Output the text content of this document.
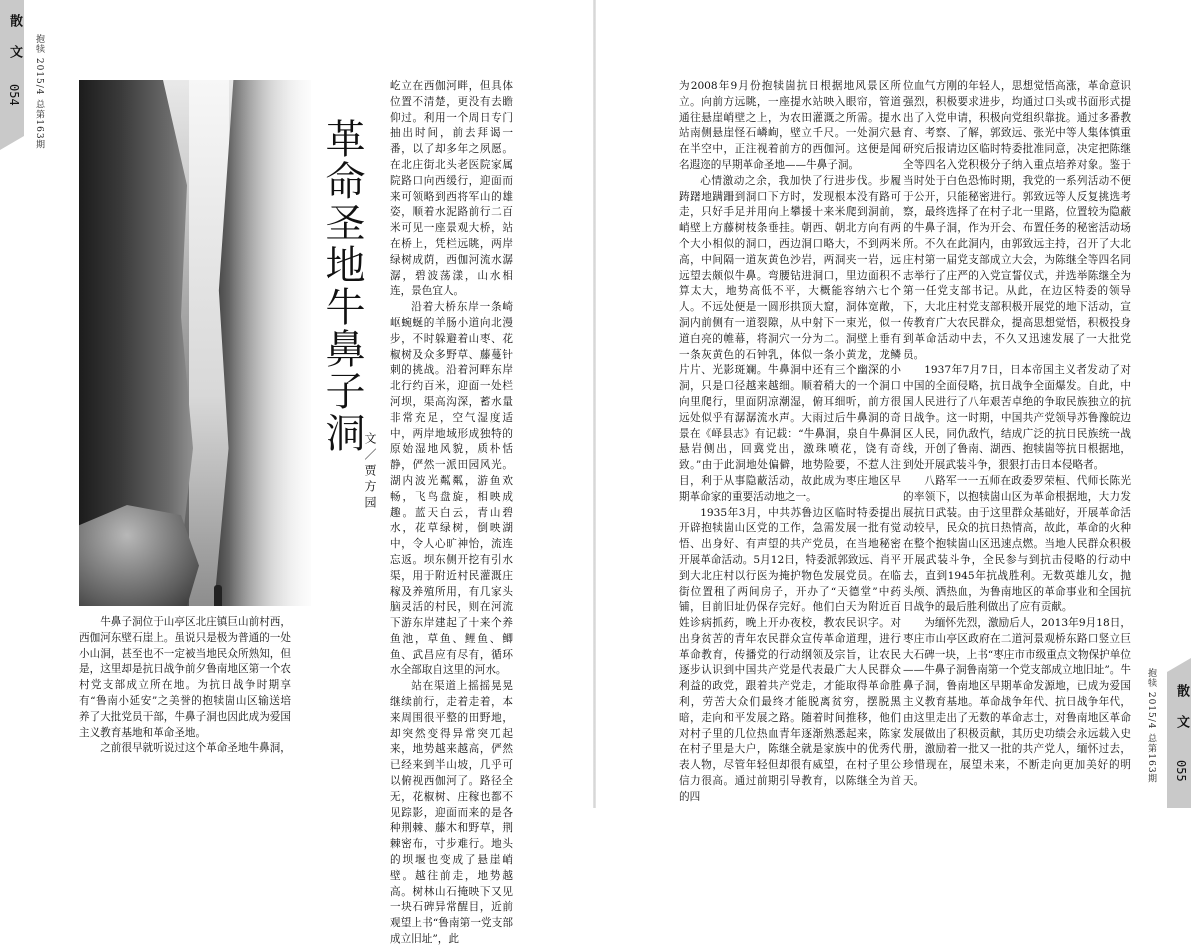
散文
054 抱犊 2015/4 总第163期
革命圣地牛鼻子洞
文／贾方园

屹立在西伽河畔，但具体位置不清楚，更没有去瞻仰过。利用一个周日专门抽出时间，前去拜谒一番，以了却多年之夙愿。在北庄街北头老医院家属院路口向西缓行，迎面而来可领略到西将军山的雄姿，顺着水泥路前行二百米可见一座景观大桥，站在桥上，凭栏远眺，两岸绿树成荫，西伽河流水潺潺，碧波荡漾，山水相连，景色宜人。

沿着大桥东岸一条崎岖蜿蜒的羊肠小道向北漫步，不时躲避着山枣、花椒树及众多野草、藤蔓针刺的挑战。沿着河畔东岸北行约百米，迎面一处栏河坝，渠高沟深，蓄水量非常充足，空气湿度适中，两岸地域形成独特的原始湿地风貌，质朴恬静，俨然一派田园风光。湖内波光粼粼，游鱼欢畅，飞鸟盘旋，相映成趣。蓝天白云，青山碧水，花草绿树，倒映湖中，令人心旷神怡，流连忘返。坝东侧开挖有引水渠，用于附近村民灌溉庄稼及养殖所用，有几家头脑灵活的村民，则在河流下游东岸建起了十来个养鱼池，草鱼、鲤鱼、鲫鱼、武昌应有尽有，循环水全部取自这里的河水。

站在渠道上摇摇晃晃继续前行，走着走着，本来周围很平整的田野地，却突然变得异常突兀起来，地势越来越高，俨然已经来到半山坡，几乎可以俯视西伽河了。路径全无，花椒树、庄稼也都不见踪影，迎面而来的是各种荆棘、藤木和野草，荆棘密布，寸步难行。地头的坝堰也变成了悬崖峭壁。越往前走，地势越高。树林山石掩映下又见一块石碑异常醒目，近前观望上书“鲁南第一党支部成立旧址”，此

牛鼻子洞位于山亭区北庄镇巨山前村西，西伽河东壁石崖上。虽说只是极为普通的一处小山洞，甚至也不一定被当地民众所熟知，但是，这里却是抗日战争前夕鲁南地区第一个农村党支部成立所在地。为抗日战争时期享有“鲁南小延安”之美誉的抱犊崮山区输送培养了大批党员干部，牛鼻子洞也因此成为爱国主义教育基地和革命圣地。

之前很早就听说过这个革命圣地牛鼻洞，

为2008年9月份抱犊崮抗日根据地风景区所立。向前方远眺，一座提水站映入眼帘，管道通往悬崖峭壁之上，为农田灌溉之所需。提水站南侧悬崖怪石嶙峋，壁立千尺。一处洞穴悬在半空中，正注视着前方的西伽河。这便是闻名遐迩的早期革命圣地——牛鼻子洞。

心情激动之余，我加快了行进步伐。步履踌躇地蹒跚到洞口下方时，发现根本没有路可走，只好手足并用向上攀援十来米爬到洞前，峭壁上方藤树枝条垂挂。朝西、朝北方向有两个大小相似的洞口，西边洞口略大，不到两米高，中间隔一道灰黄色沙岩，两洞夹一岩，远远望去颇似牛鼻。弯腰钻进洞口，里边面积不算太大，地势高低不平，大概能容纳六七个人。不远处便是一圆形拱顶大窟，洞体宽敞，洞内前侧有一道裂隙，从中射下一束光，似一道白亮的帷幕，将洞穴一分为二。洞壁上垂有一条灰黄色的石钟乳，体似一条小黄龙，龙鳞片片、光影斑斓。牛鼻洞中还有三个幽深的小洞，只是口径越来越细。顺着稍大的一个洞口向里爬行，里面阴凉潮湿，俯耳细听，前方很远处似乎有潺潺流水声。大雨过后牛鼻洞的奇景在《峄县志》有记载：“牛鼻洞，泉自牛鼻洞悬岩侧出，回冀党出，激珠喷花，饶有奇致。”由于此洞地处偏僻，地势险要，不惹人注目，利于从事隐蔽活动，故此成为枣庄地区早期革命家的重要活动地之一。

1935年3月，中共苏鲁边区临时特委提出开辟抱犊崮山区党的工作，急需发展一批有觉悟、出身好、有声望的共产党员，在当地秘密开展革命活动。5月12日，特委派郭致远、肖平到大北庄村以行医为掩护物色发展党员。在临街位置租了两间房子，开办了“天德堂”中药铺，目前旧址仍保存完好。他们白天为附近百姓诊病抓药，晚上开办夜校，教农民识字。对出身贫苦的青年农民群众宣传革命道理，进行革命教育，传播党的行动纲领及宗旨，让农民逐步认识到中国共产党是代表最广大人民群众利益的政党，跟着共产党走，才能取得革命胜利，劳苦大众们最终才能脱离贫穷，摆脱黑暗，走向和平发展之路。随着时间推移，他们对村子里的几位热血青年逐渐熟悉起来，陈家在村子里是大户，陈继全就是家族中的优秀代表人物，尽管年轻但却很有威望，在村子里公信力很高。通过前期引导教育，以陈继全为首的四

位血气方刚的年轻人，思想觉悟高涨，革命意识强烈，积极要求进步，均通过口头或书面形式提出了入党申请，积极向党组织靠拢。通过多番教育、考察、了解，郭致远、张光中等人集体慎重研究后报请边区临时特委批准同意，决定把陈继全等四名入党积极分子纳入重点培养对象。鉴于当时处于白色恐怖时期，我党的一系列活动不便于公开，只能秘密进行。郭致远等人反复挑选考察，最终选择了在村子北一里路，位置较为隐蔽的牛鼻子洞，作为开会、布置任务的秘密活动场所。不久在此洞内，由郭致远主持，召开了大北庄村第一届党支部成立大会，为陈继全等四名同志举行了庄严的入党宣誓仪式，并选举陈继全为第一任党支部书记。从此，在边区特委的领导下，大北庄村党支部积极开展党的地下活动，宣传教育广大农民群众，提高思想觉悟，积极投身到革命活动中去，不久又迅速发展了一大批党员。

1937年7月7日，日本帝国主义者发动了对中国的全面侵略，抗日战争全面爆发。自此，中国人民进行了八年艰苦卓绝的争取民族独立的抗日战争。这一时期，中国共产党领导苏鲁豫皖边区人民，同仇敌忾，结成广泛的抗日民族统一战线，开创了鲁南、湖西、抱犊崮等抗日根据地，到处开展武装斗争，狠狠打击日本侵略者。

八路军一一五师在政委罗荣桓、代师长陈光的率领下，以抱犊崮山区为革命根据地，大力发展抗日武装。由于这里群众基础好，开展革命活动较早，民众的抗日热情高，故此，革命的火种在整个抱犊崮山区迅速点燃。当地人民群众积极开展武装斗争，全民参与到抗击侵略的行动中去，直到1945年抗战胜利。无数英雄儿女，抛头颅、洒热血，为鲁南地区的革命事业和全国抗日战争的最后胜利做出了应有贡献。

为缅怀先烈，激励后人，2013年9月18日，枣庄市山亭区政府在二道河景观桥东路口竖立巨大石碑一块，上书“枣庄市市级重点文物保护单位——牛鼻子洞鲁南第一个党支部成立地旧址”。牛鼻子洞，鲁南地区早期革命发源地，已成为爱国主义教育基地。革命战争年代、抗日战争年代，由这里走出了无数的革命志士，对鲁南地区革命发展做出了积极贡献，其历史功绩会永远载入史册，激励着一批又一批的共产党人，缅怀过去，珍惜现在，展望未来，不断走向更加美好的明天。	抱犊 2015/4 总第163期 散文
055
